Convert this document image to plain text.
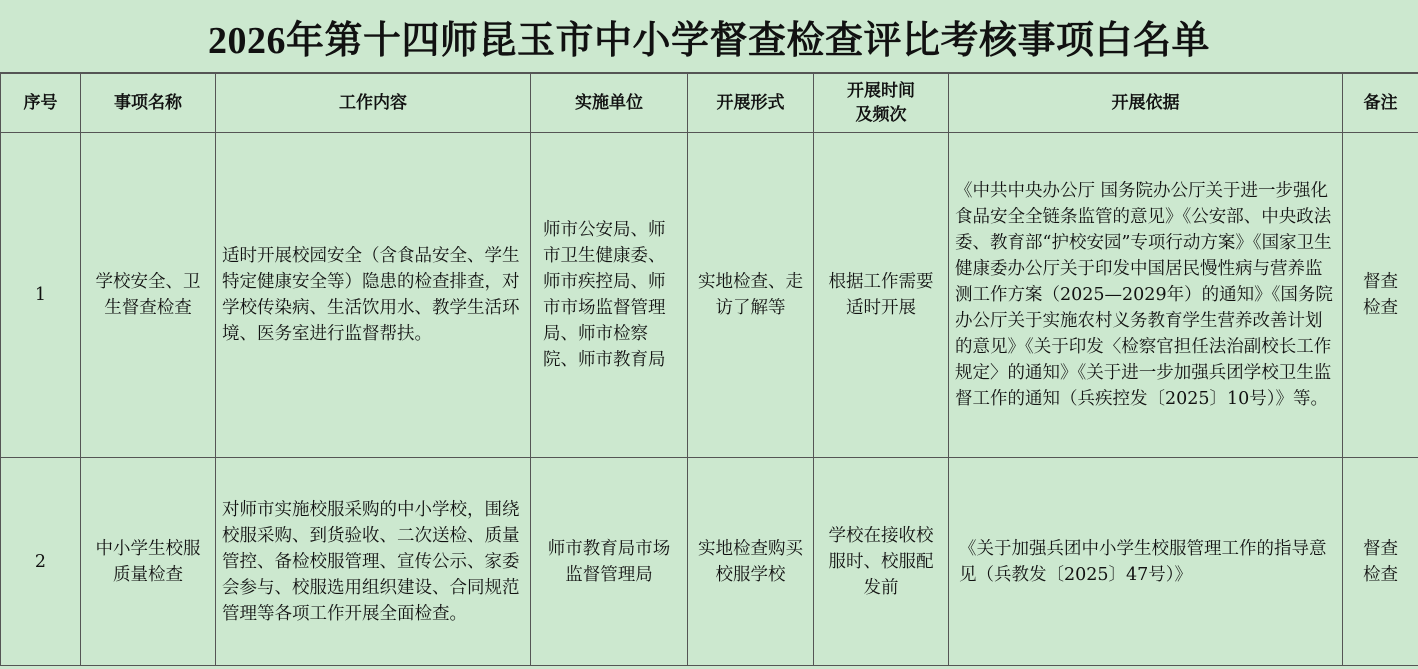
2026年第十四师昆玉市中小学督查检查评比考核事项白名单
序号	事项名称	工作内容	实施单位	开展形式	开展时间
及频次	开展依据	备注
1	学校安全、卫生督查检查	适时开展校园安全（含食品安全、学生特定健康安全等）隐患的检查排查，对学校传染病、生活饮用水、教学生活环境、医务室进行监督帮扶。	师市公安局、师市卫生健康委、师市疾控局、师市市场监督管理局、师市检察院、师市教育局	实地检查、走访了解等	根据工作需要适时开展	《中共中央办公厅 国务院办公厅关于进一步强化食品安全全链条监管的意见》《公安部、中央政法委、教育部“护校安园”专项行动方案》《国家卫生健康委办公厅关于印发中国居民慢性病与营养监测工作方案（2025—2029年）的通知》《国务院办公厅关于实施农村义务教育学生营养改善计划的意见》《关于印发〈检察官担任法治副校长工作规定〉的通知》《关于进一步加强兵团学校卫生监督工作的通知（兵疾控发〔2025〕10号）》等。	督查检查
2	中小学生校服质量检查	对师市实施校服采购的中小学校，围绕校服采购、到货验收、二次送检、质量管控、备检校服管理、宣传公示、家委会参与、校服选用组织建设、合同规范管理等各项工作开展全面检查。	师市教育局市场监督管理局	实地检查购买校服学校	学校在接收校服时、校服配发前	《关于加强兵团中小学生校服管理工作的指导意见（兵教发〔2025〕47号）》	督查检查
